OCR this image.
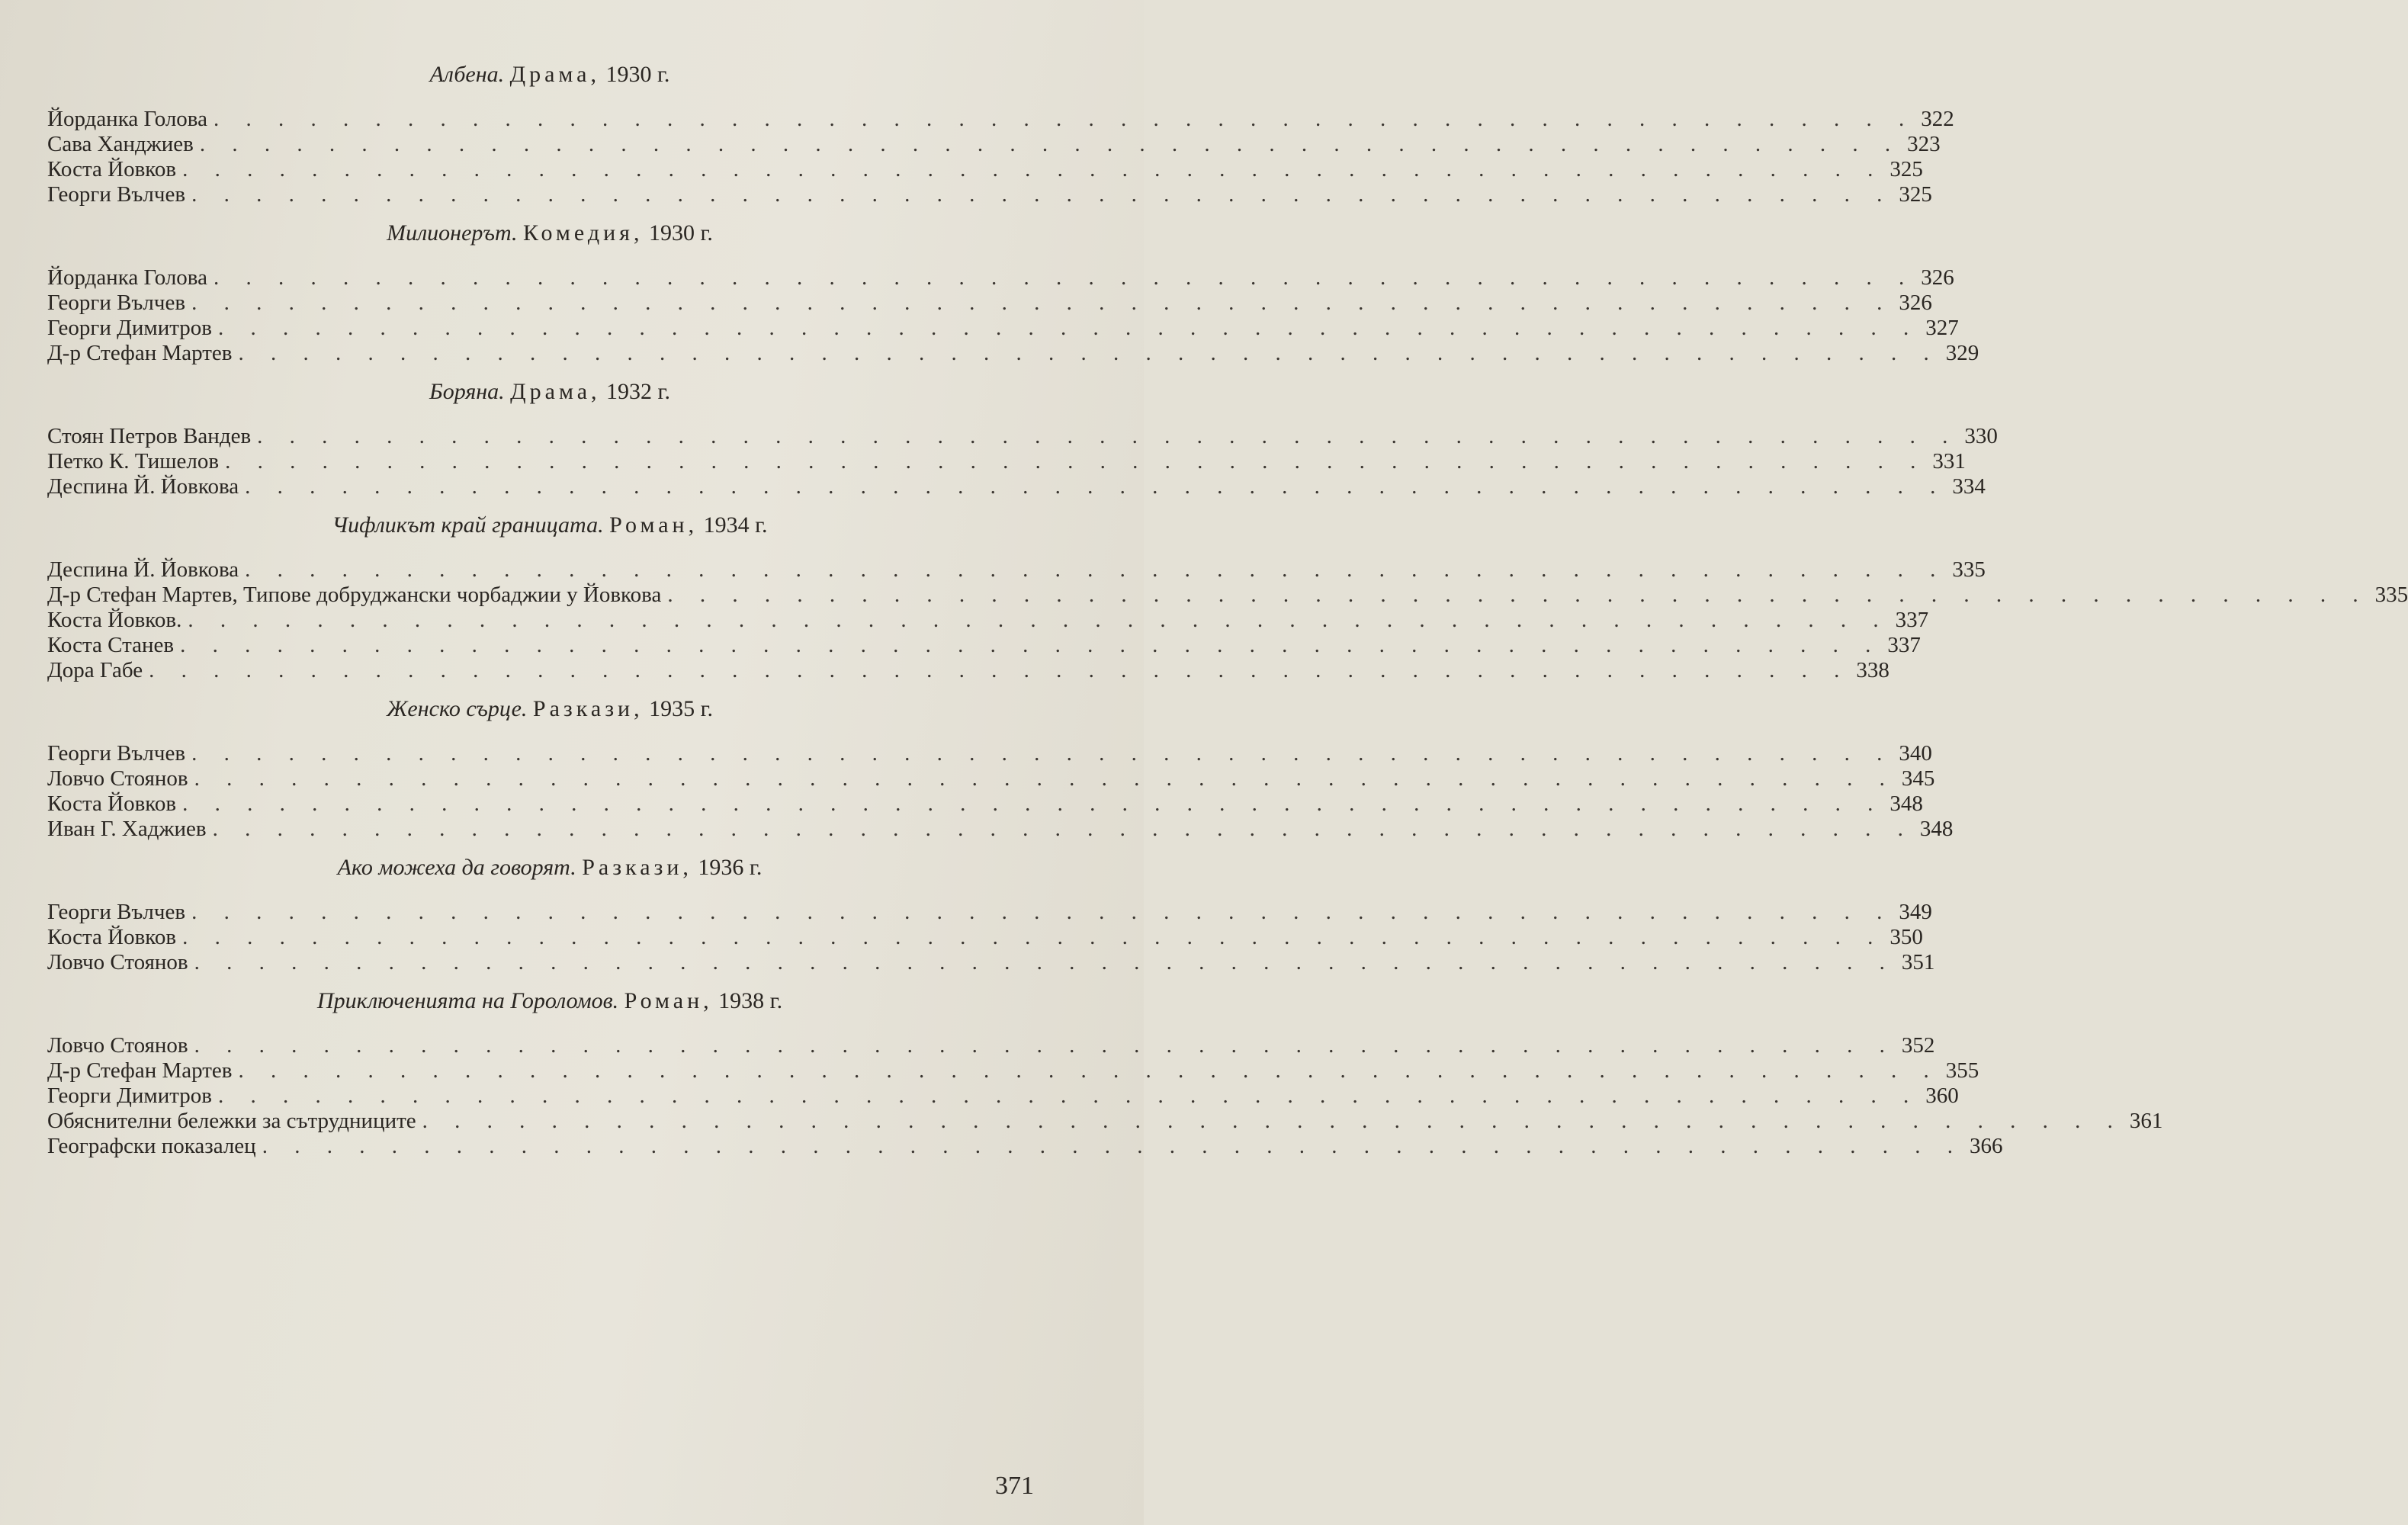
Албена. Драма, 1930 г.
Йорданка Голова . . . . . . . . . . . . . . . . . . . . . . . . . . . . . . . . . . . . . . . . . . . . . . . . . . . . . 322
Сава Ханджиев . . . . . . . . . . . . . . . . . . . . . . . . . . . . . . . . . . . . . . . . . . . . . . . . . . . . . 323
Коста Йовков . . . . . . . . . . . . . . . . . . . . . . . . . . . . . . . . . . . . . . . . . . . . . . . . . . . . . 325
Георги Вълчев . . . . . . . . . . . . . . . . . . . . . . . . . . . . . . . . . . . . . . . . . . . . . . . . . . . . . 325
Милионерът. Комедия, 1930 г.
Йорданка Голова . . . . . . . . . . . . . . . . . . . . . . . . . . . . . . . . . . . . . . . . . . . . . . . . . . . . . 326
Георги Вълчев . . . . . . . . . . . . . . . . . . . . . . . . . . . . . . . . . . . . . . . . . . . . . . . . . . . . . 326
Георги Димитров . . . . . . . . . . . . . . . . . . . . . . . . . . . . . . . . . . . . . . . . . . . . . . . . . . . . . 327
Д-р Стефан Мартев . . . . . . . . . . . . . . . . . . . . . . . . . . . . . . . . . . . . . . . . . . . . . . . . . . . . . 329
Боряна. Драма, 1932 г.
Стоян Петров Вандев . . . . . . . . . . . . . . . . . . . . . . . . . . . . . . . . . . . . . . . . . . . . . . . . . . . . . 330
Петко К. Тишелов . . . . . . . . . . . . . . . . . . . . . . . . . . . . . . . . . . . . . . . . . . . . . . . . . . . . . 331
Деспина Й. Йовкова . . . . . . . . . . . . . . . . . . . . . . . . . . . . . . . . . . . . . . . . . . . . . . . . . . . . . 334
Чифликът край границата. Роман, 1934 г.
Деспина Й. Йовкова . . . . . . . . . . . . . . . . . . . . . . . . . . . . . . . . . . . . . . . . . . . . . . . . . . . . . 335
Д-р Стефан Мартев, Типове добруджански чорбаджии у Йовкова . . . . . . . . . . . . . . . . . . . . . . . . . . . . . . . . . . . . . . . . . . . . . . . . . . . . . 335
Коста Йовков. . . . . . . . . . . . . . . . . . . . . . . . . . . . . . . . . . . . . . . . . . . . . . . . . . . . . . 337
Коста Станев . . . . . . . . . . . . . . . . . . . . . . . . . . . . . . . . . . . . . . . . . . . . . . . . . . . . . 337
Дора Габе . . . . . . . . . . . . . . . . . . . . . . . . . . . . . . . . . . . . . . . . . . . . . . . . . . . . . 338
Женско сърце. Разкази, 1935 г.
Георги Вълчев . . . . . . . . . . . . . . . . . . . . . . . . . . . . . . . . . . . . . . . . . . . . . . . . . . . . . 340
Ловчо Стоянов . . . . . . . . . . . . . . . . . . . . . . . . . . . . . . . . . . . . . . . . . . . . . . . . . . . . . 345
Коста Йовков . . . . . . . . . . . . . . . . . . . . . . . . . . . . . . . . . . . . . . . . . . . . . . . . . . . . . 348
Иван Г. Хаджиев . . . . . . . . . . . . . . . . . . . . . . . . . . . . . . . . . . . . . . . . . . . . . . . . . . . . . 348
Ако можеха да говорят. Разкази, 1936 г.
Георги Вълчев . . . . . . . . . . . . . . . . . . . . . . . . . . . . . . . . . . . . . . . . . . . . . . . . . . . . . 349
Коста Йовков . . . . . . . . . . . . . . . . . . . . . . . . . . . . . . . . . . . . . . . . . . . . . . . . . . . . . 350
Ловчо Стоянов . . . . . . . . . . . . . . . . . . . . . . . . . . . . . . . . . . . . . . . . . . . . . . . . . . . . . 351
Приключенията на Гороломов. Роман, 1938 г.
Ловчо Стоянов . . . . . . . . . . . . . . . . . . . . . . . . . . . . . . . . . . . . . . . . . . . . . . . . . . . . . 352
Д-р Стефан Мартев . . . . . . . . . . . . . . . . . . . . . . . . . . . . . . . . . . . . . . . . . . . . . . . . . . . . . 355
Георги Димитров . . . . . . . . . . . . . . . . . . . . . . . . . . . . . . . . . . . . . . . . . . . . . . . . . . . . . 360
Обяснителни бележки за сътрудниците . . . . . . . . . . . . . . . . . . . . . . . . . . . . . . . . . . . . . . . . . . . . . . . . . . . . . 361
Географски показалец . . . . . . . . . . . . . . . . . . . . . . . . . . . . . . . . . . . . . . . . . . . . . . . . . . . . . 366
371
